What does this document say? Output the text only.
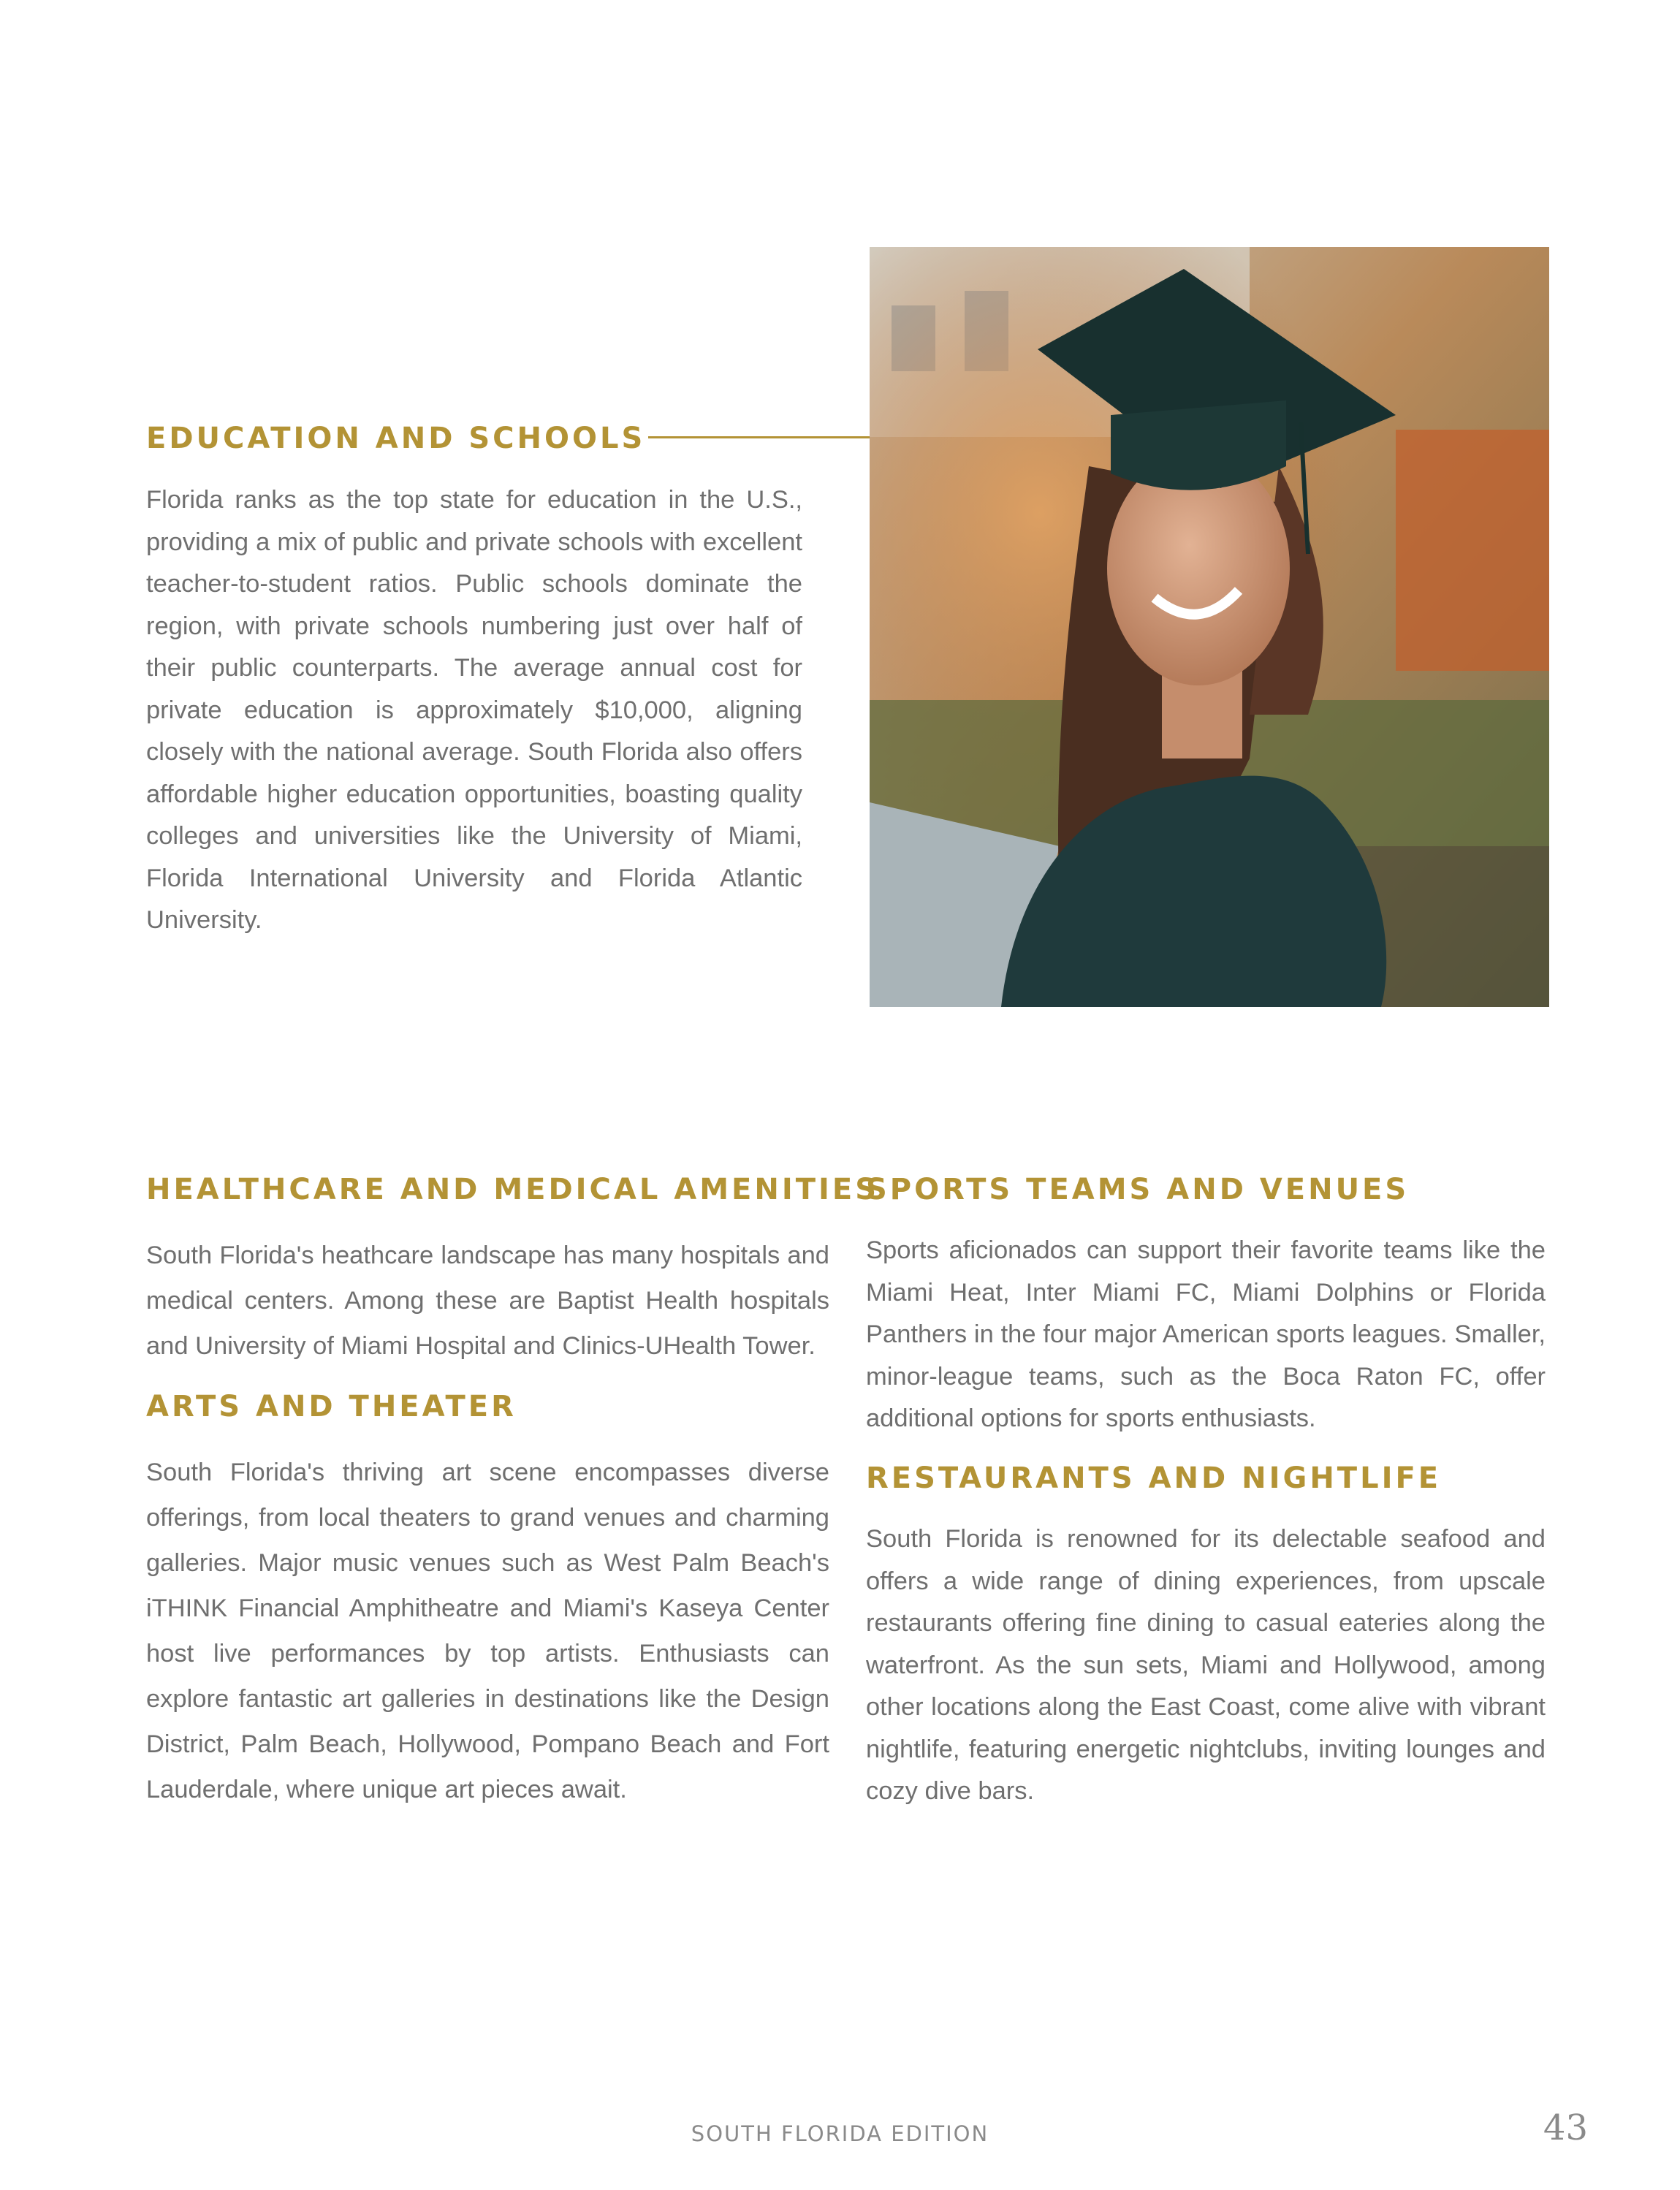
EDUCATION AND SCHOOLS

Florida ranks as the top state for education in the U.S., providing a mix of public and private schools with excellent teacher-to-student ratios. Public schools dominate the region, with private schools numbering just over half of their public counterparts. The average annual cost for private education is approximately $10,000, aligning closely with the national average. South Florida also offers affordable higher education opportunities, boasting quality colleges and universities like the University of Miami, Florida International University and Florida Atlantic University.

HEALTHCARE AND MEDICAL AMENITIES

South Florida's heathcare landscape has many hospitals and medical centers. Among these are Baptist Health hospitals and University of Miami Hospital and Clinics-UHealth Tower.

ARTS AND THEATER

South Florida's thriving art scene encompasses diverse offerings, from local theaters to grand venues and charming galleries. Major music venues such as West Palm Beach's iTHINK Financial Amphitheatre and Miami's Kaseya Center host live performances by top artists. Enthusiasts can explore fantastic art galleries in destinations like the Design District, Palm Beach, Hollywood, Pompano Beach and Fort Lauderdale, where unique art pieces await.

SPORTS TEAMS AND VENUES

Sports aficionados can support their favorite teams like the Miami Heat, Inter Miami FC, Miami Dolphins or Florida Panthers in the four major American sports leagues. Smaller, minor-league teams, such as the Boca Raton FC, offer additional options for sports enthusiasts.

RESTAURANTS AND NIGHTLIFE

South Florida is renowned for its delectable seafood and offers a wide range of dining experiences, from upscale restaurants offering fine dining to casual eateries along the waterfront. As the sun sets, Miami and Hollywood, among other locations along the East Coast, come alive with vibrant nightlife, featuring energetic nightclubs, inviting lounges and cozy dive bars.

SOUTH FLORIDA EDITION	43
